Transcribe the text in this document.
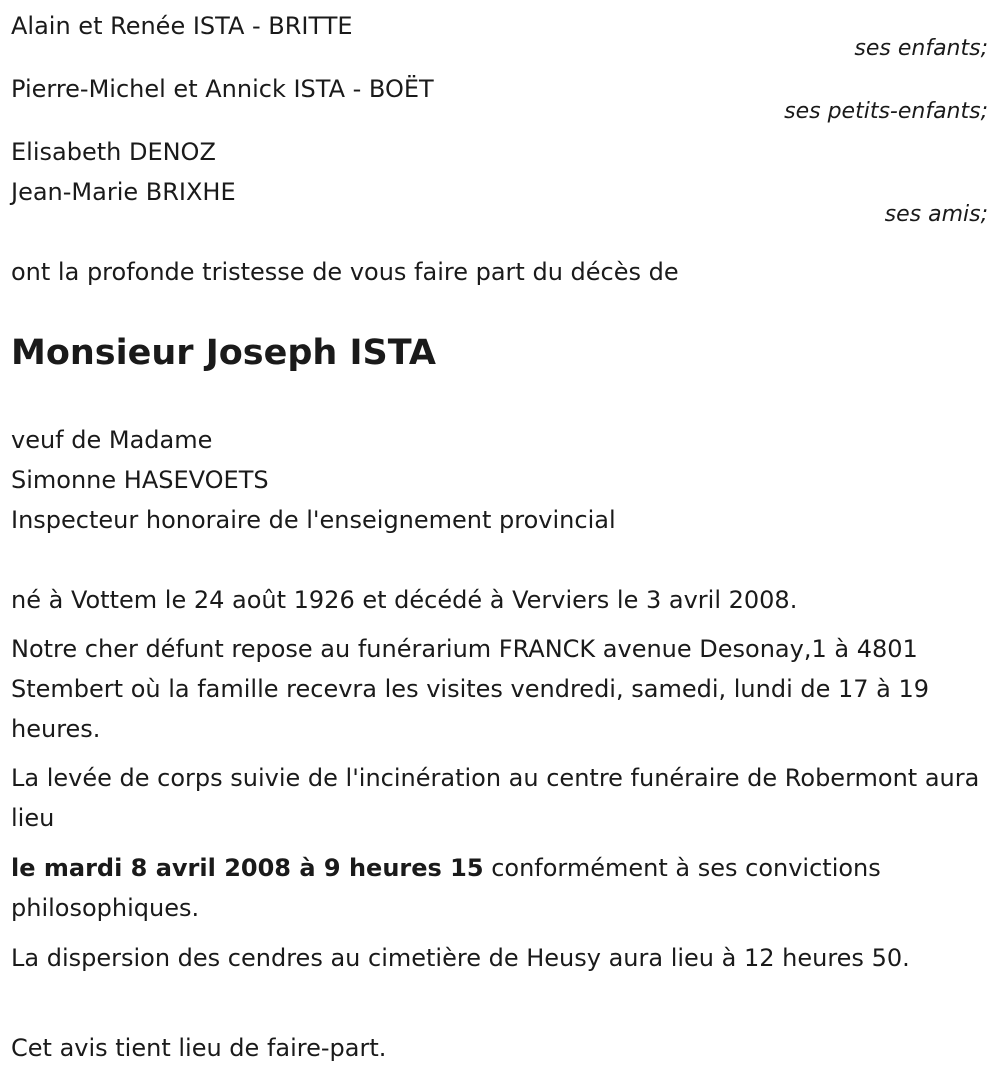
Alain et Renée ISTA - BRITTE
ses enfants;
Pierre-Michel et Annick ISTA - BOËT
ses petits-enfants;
Elisabeth DENOZ
Jean-Marie BRIXHE
ses amis;
ont la profonde tristesse de vous faire part du décès de
Monsieur Joseph ISTA
veuf de Madame
Simonne HASEVOETS
Inspecteur honoraire de l'enseignement provincial
né à Vottem le 24 août 1926 et décédé à Verviers le 3 avril 2008.
Notre cher défunt repose au funérarium FRANCK avenue Desonay,1 à 4801 Stembert où la famille recevra les visites vendredi, samedi, lundi de 17 à 19 heures.
La levée de corps suivie de l'incinération au centre funéraire de Robermont aura lieu
le mardi 8 avril 2008 à 9 heures 15 conformément à ses convictions philosophiques.
La dispersion des cendres au cimetière de Heusy aura lieu à 12 heures 50.
Cet avis tient lieu de faire-part.
